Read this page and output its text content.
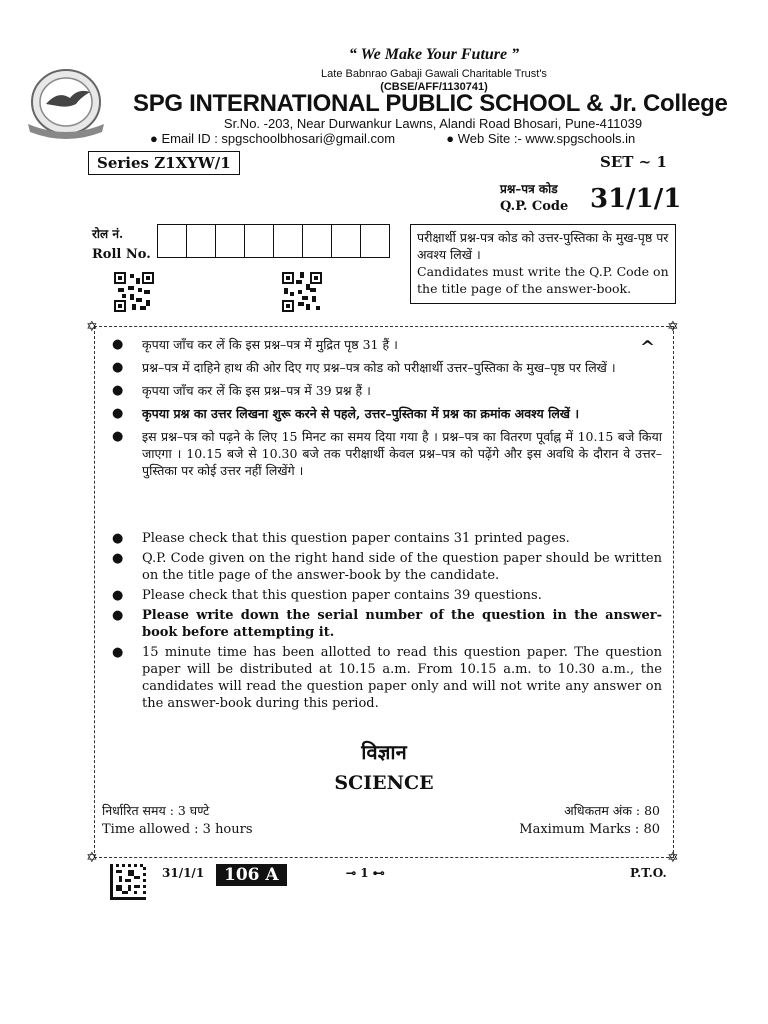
“ We Make Your Future ”
Late Babnrao Gabaji Gawali Charitable Trust's
(CBSE/AFF/1130741)
SPG INTERNATIONAL PUBLIC SCHOOL & Jr. College
Sr.No. -203, Near Durwankur Lawns, Alandi Road Bhosari, Pune-411039
● Email ID : spgschoolbhosari@gmail.com	● Web Site :- www.spgschools.in
Series Z1XYW/1	SET ~ 1
प्रश्न–पत्र कोड
Q.P. Code 31/1/1
रोल नं.
Roll No.

परीक्षार्थी प्रश्न-पत्र कोड को उत्तर-पुस्तिका के मुख-पृष्ठ पर अवश्य लिखें ।

Candidates must write the Q.P. Code on the title page of the answer-book.

✡	✡
✡	✡
^
●	कृपया जाँच कर लें कि इस प्रश्न–पत्र में मुद्रित पृष्ठ 31 हैं ।
●	प्रश्न–पत्र में दाहिने हाथ की ओर दिए गए प्रश्न–पत्र कोड को परीक्षार्थी उत्तर–पुस्तिका के मुख–पृष्ठ पर लिखें ।
●	कृपया जाँच कर लें कि इस प्रश्न–पत्र में 39 प्रश्न हैं ।
●	कृपया प्रश्न का उत्तर लिखना शुरू करने से पहले, उत्तर–पुस्तिका में प्रश्न का क्रमांक अवश्य लिखें ।
●	इस प्रश्न–पत्र को पढ़ने के लिए 15 मिनट का समय दिया गया है । प्रश्न–पत्र का वितरण पूर्वाह्न में 10.15 बजे किया जाएगा । 10.15 बजे से 10.30 बजे तक परीक्षार्थी केवल प्रश्न–पत्र को पढ़ेंगे और इस अवधि के दौरान वे उत्तर–पुस्तिका पर कोई उत्तर नहीं लिखेंगे ।
●	Please check that this question paper contains 31 printed pages.
●	Q.P. Code given on the right hand side of the question paper should be written on the title page of the answer-book by the candidate.
●	Please check that this question paper contains 39 questions.
●	Please write down the serial number of the question in the answer-book before attempting it.
●	15 minute time has been allotted to read this question paper. The question paper will be distributed at 10.15 a.m. From 10.15 a.m. to 10.30 a.m., the candidates will read the question paper only and will not write any answer on the answer-book during this period.
विज्ञान
SCIENCE
निर्धारित समय : 3 घण्टे
Time allowed : 3 hours
अधिकतम अंक : 80
Maximum Marks : 80
31/1/1	106 A	⊸ 1 ⊷	P.T.O.
